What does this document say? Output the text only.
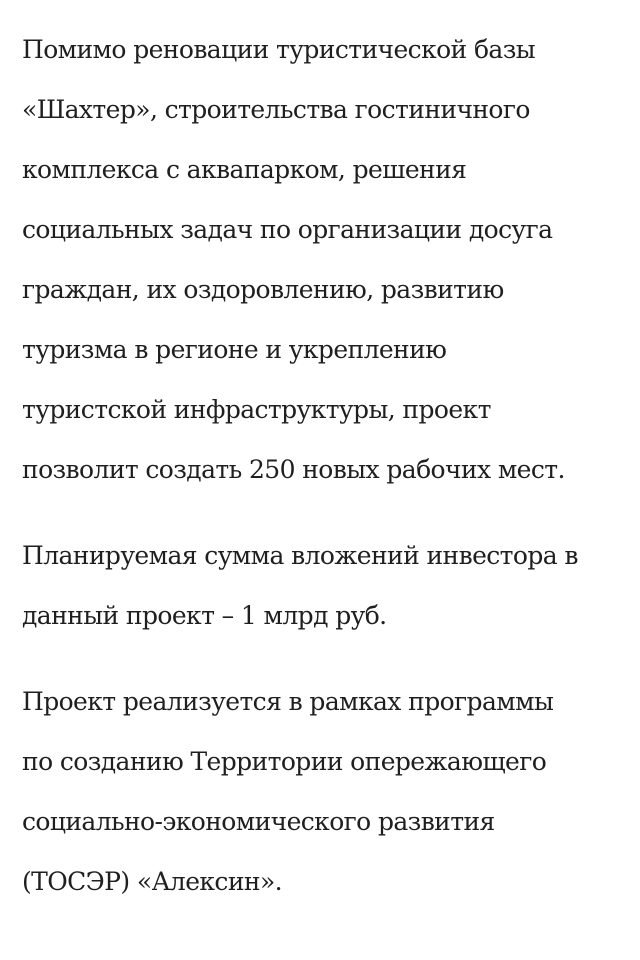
Помимо реновации туристической базы
«Шахтер», строительства гостиничного
комплекса с аквапарком, решения
социальных задач по организации досуга
граждан, их оздоровлению, развитию
туризма в регионе и укреплению
туристской инфраструктуры, проект
позволит создать 250 новых рабочих мест.

Планируемая сумма вложений инвестора в
данный проект – 1 млрд руб.

Проект реализуется в рамках программы
по созданию Территории опережающего
социально-экономического развития
(ТОСЭР) «Алексин».
